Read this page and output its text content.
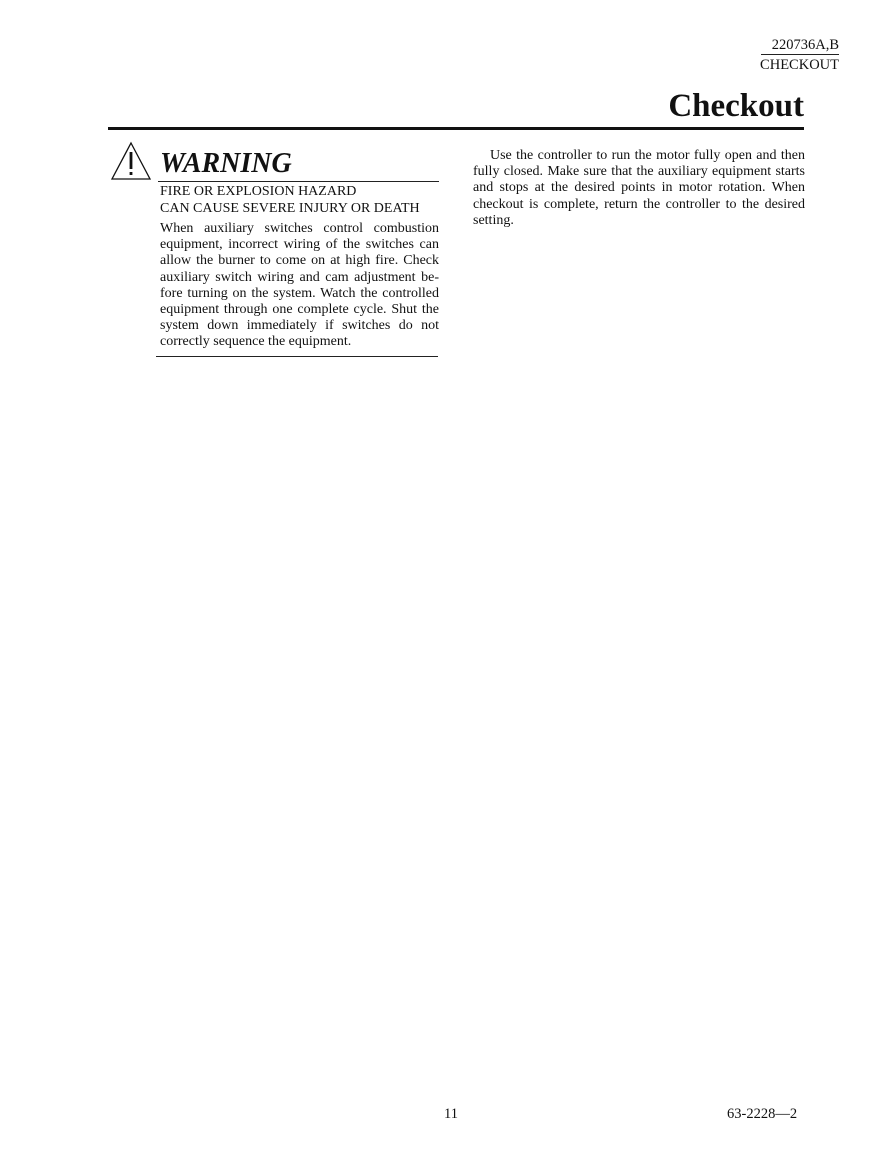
220736A,B
CHECKOUT
Checkout
WARNING
FIRE OR EXPLOSION HAZARD
CAN CAUSE SEVERE INJURY OR DEATH

When auxiliary switches control combustion equipment, incorrect wiring of the switches can allow the burner to come on at high fire. Check auxiliary switch wiring and cam adjustment be-fore turning on the system. Watch the controlled equipment through one complete cycle. Shut the system down immediately if switches do not correctly sequence the equipment.

Use the controller to run the motor fully open and then fully closed. Make sure that the auxiliary equipment starts and stops at the desired points in motor rotation. When checkout is complete, return the controller to the desired setting.

11	63-2228—2
